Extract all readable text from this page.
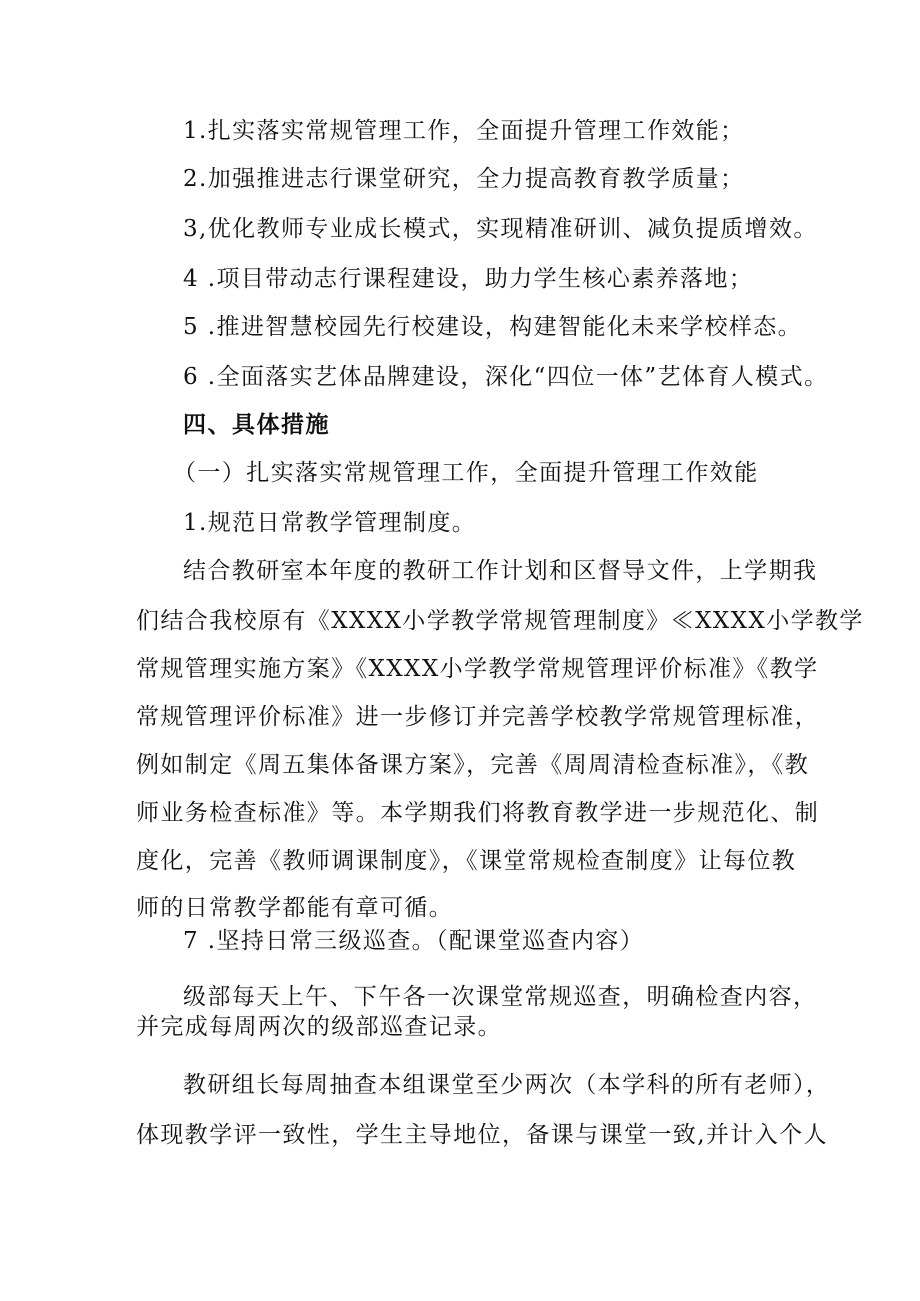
1.扎实落实常规管理工作，全面提升管理工作效能；
2.加强推进志行课堂研究，全力提高教育教学质量；
3,优化教师专业成长模式，实现精准研训、减负提质增效。
4 .项目带动志行课程建设，助力学生核心素养落地；
5 .推进智慧校园先行校建设，构建智能化未来学校样态。
6 .全面落实艺体品牌建设，深化“四位一体”艺体育人模式。
四、具体措施
（一）扎实落实常规管理工作，全面提升管理工作效能
1.规范日常教学管理制度。
结合教研室本年度的教研工作计划和区督导文件，上学期我
们结合我校原有《XXXX小学教学常规管理制度》≪XXXX小学教学
常规管理实施方案》《XXXX小学教学常规管理评价标准》《教学
常规管理评价标准》进一步修订并完善学校教学常规管理标准，
例如制定《周五集体备课方案》，完善《周周清检查标准》，《教
师业务检查标准》等。本学期我们将教育教学进一步规范化、制
度化，完善《教师调课制度》，《课堂常规检查制度》让每位教
师的日常教学都能有章可循。
7 .坚持日常三级巡查。（配课堂巡查内容）
级部每天上午、下午各一次课堂常规巡查，明确检查内容，
并完成每周两次的级部巡查记录。
教研组长每周抽查本组课堂至少两次（本学科的所有老师），
体现教学评一致性，学生主导地位，备课与课堂一致,并计入个人
